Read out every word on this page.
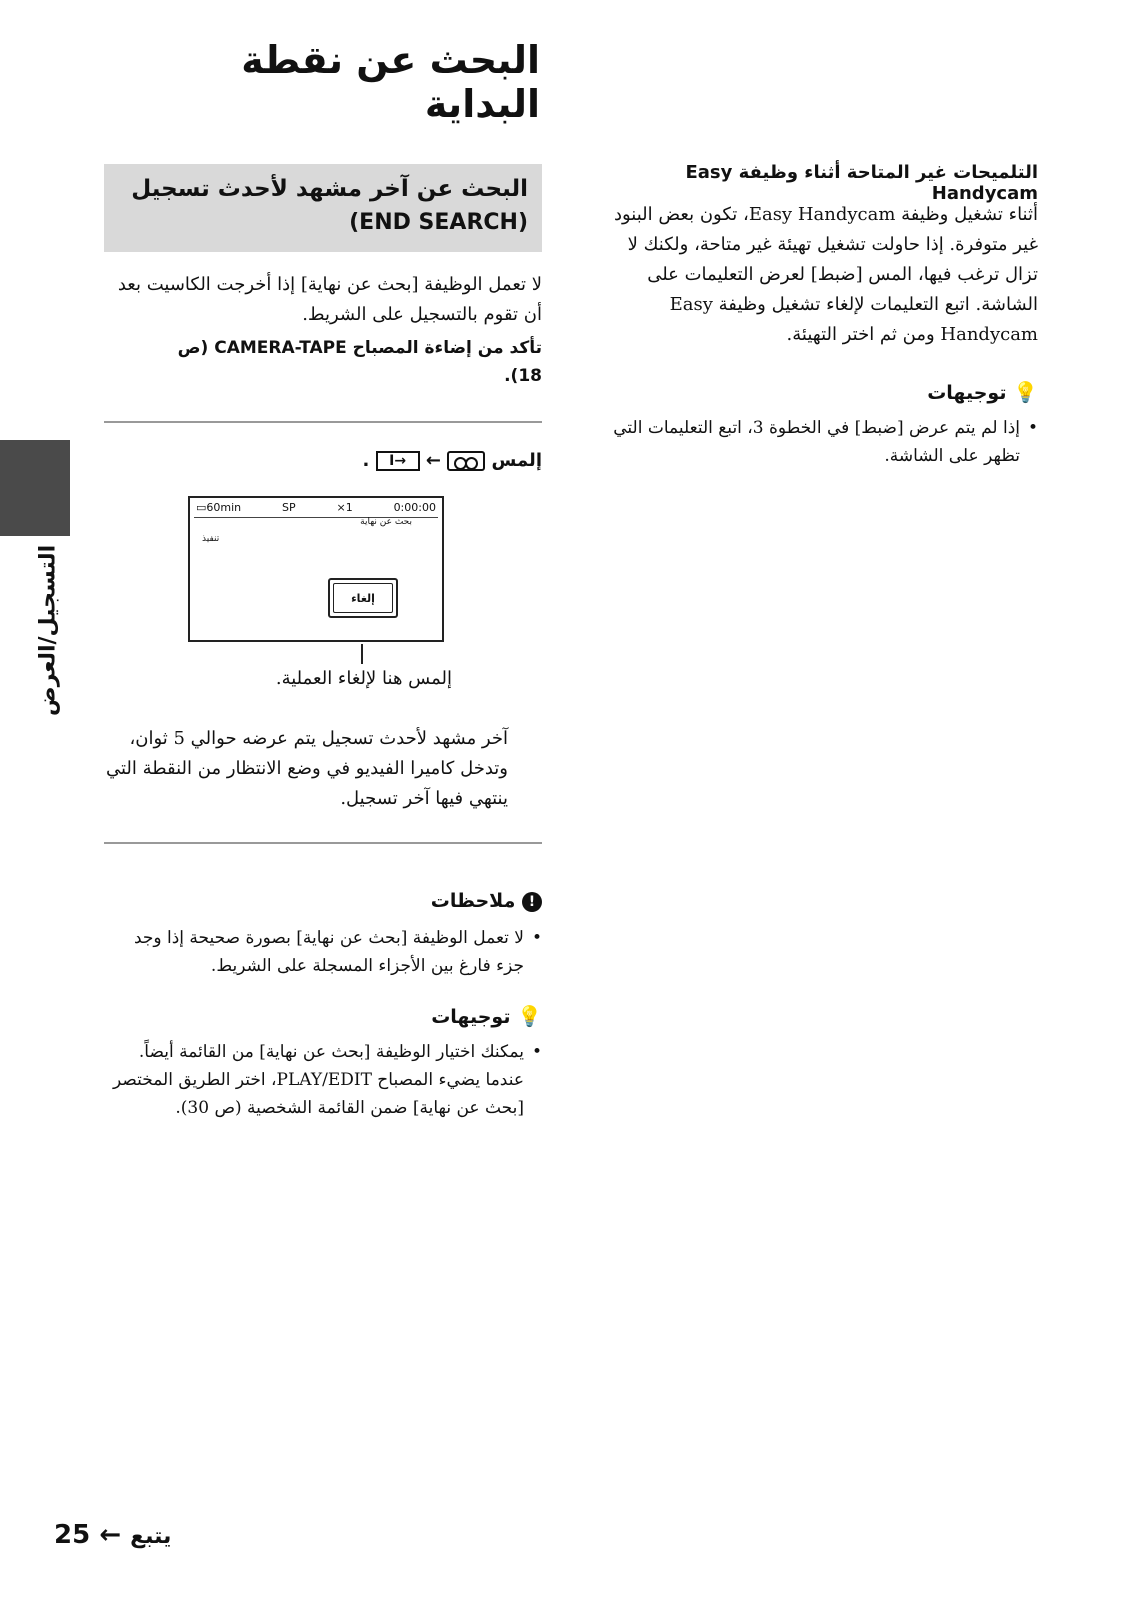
البحث عن نقطة البداية
التسجيل/العرض
البحث عن آخر مشهد لأحدث تسجيل
(END SEARCH)
لا تعمل الوظيفة [بحث عن نهاية] إذا أخرجت الكاسيت بعد أن تقوم بالتسجيل على الشريط.
تأكد من إضاءة المصباح CAMERA-TAPE (ص
18).
إلمس  ← →I .
▭60min	SP	×1	0:00:00
بحث عن نهاية
تنفيذ
إلغاء
إلمس هنا لإلغاء العملية.
آخر مشهد لأحدث تسجيل يتم عرضه حوالي 5 ثوان، وتدخل كاميرا الفيديو في وضع الانتظار من النقطة التي ينتهي فيها آخر تسجيل.
! ملاحظات
• لا تعمل الوظيفة [بحث عن نهاية] بصورة صحيحة إذا وجد جزء فارغ بين الأجزاء المسجلة على الشريط.
💡 توجيهات
• يمكنك اختيار الوظيفة [بحث عن نهاية] من القائمة أيضاً. عندما يضيء المصباح PLAY/EDIT، اختر الطريق المختصر [بحث عن نهاية] ضمن القائمة الشخصية (ص 30).
التلميحات غير المتاحة أثناء وظيفة Easy Handycam
أثناء تشغيل وظيفة Easy Handycam، تكون بعض البنود غير متوفرة. إذا حاولت تشغيل تهيئة غير متاحة، ولكنك لا تزال ترغب فيها، المس [ضبط] لعرض التعليمات على الشاشة. اتبع التعليمات لإلغاء تشغيل وظيفة Easy Handycam ومن ثم اختر التهيئة.
💡 توجيهات
• إذا لم يتم عرض [ضبط] في الخطوة 3، اتبع التعليمات التي تظهر على الشاشة.
25 ← يتبع
